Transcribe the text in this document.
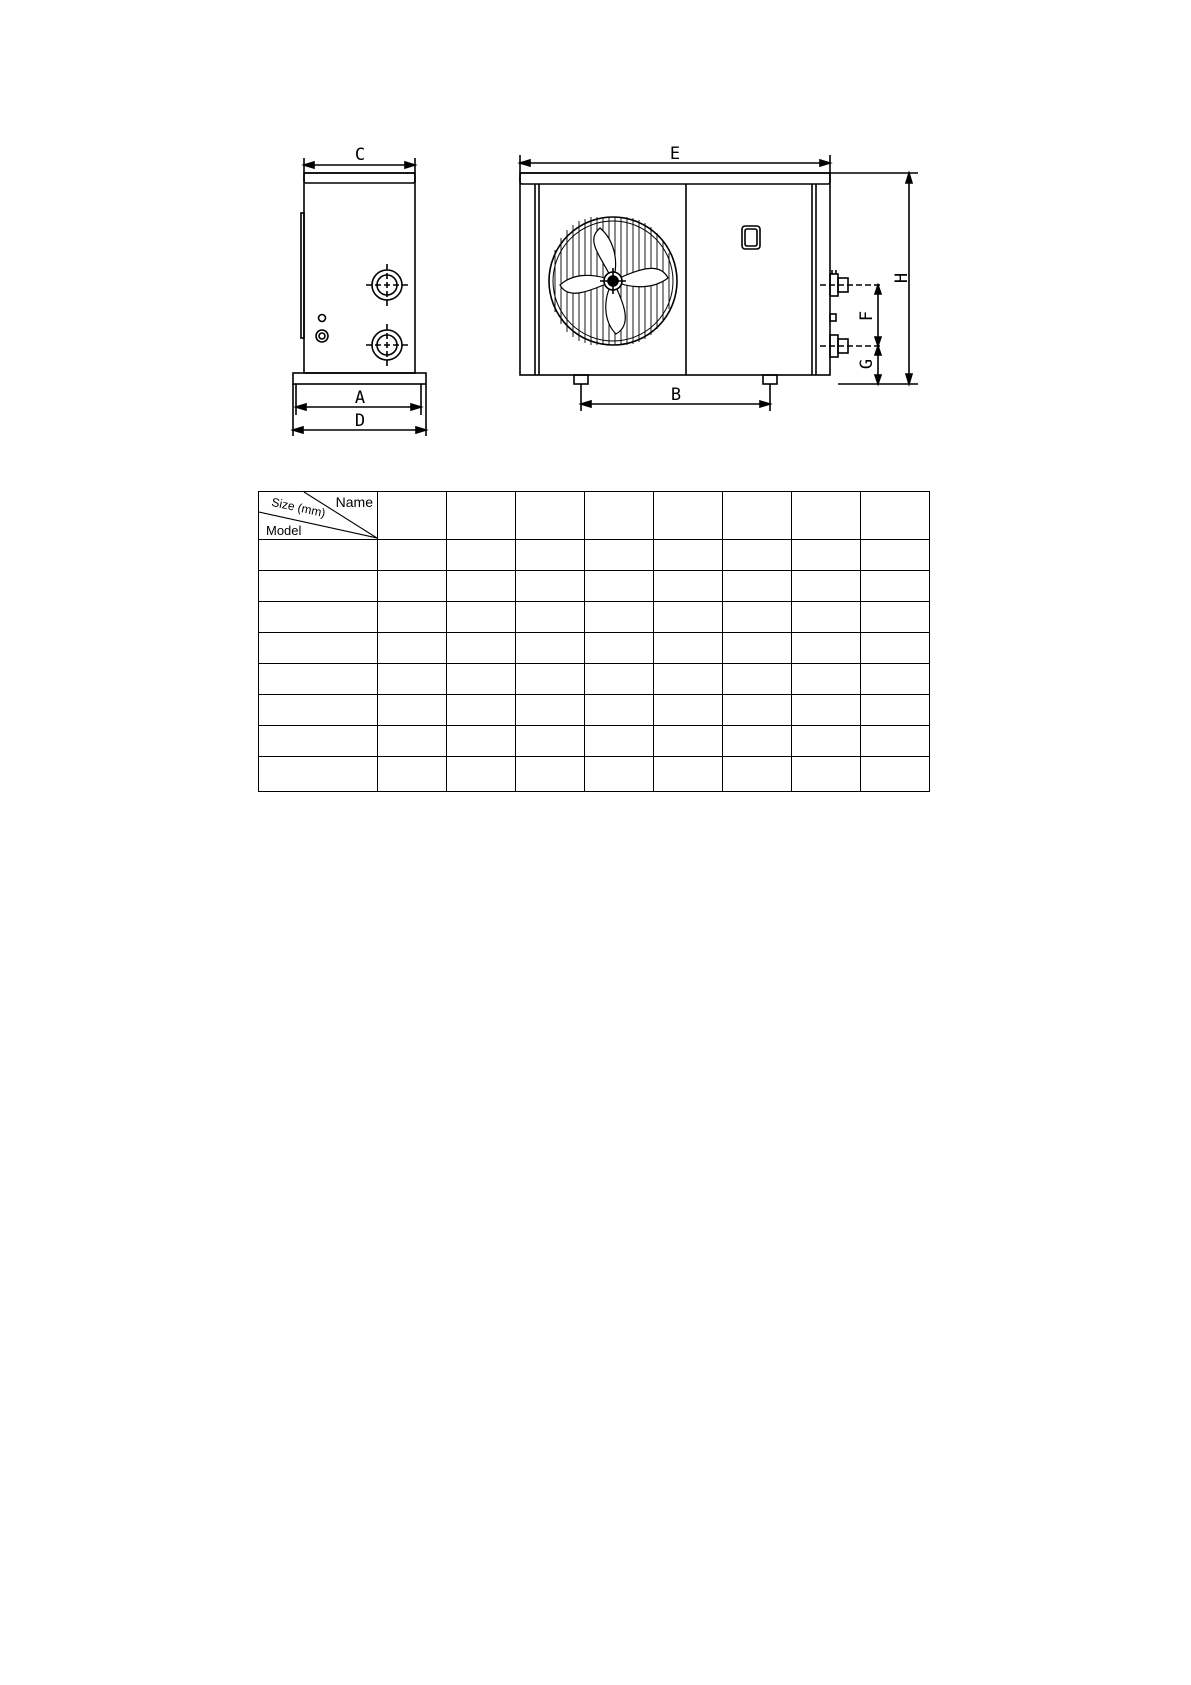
C
A
D
E
B
H
F
G
Name
Size (mm)
Model								
